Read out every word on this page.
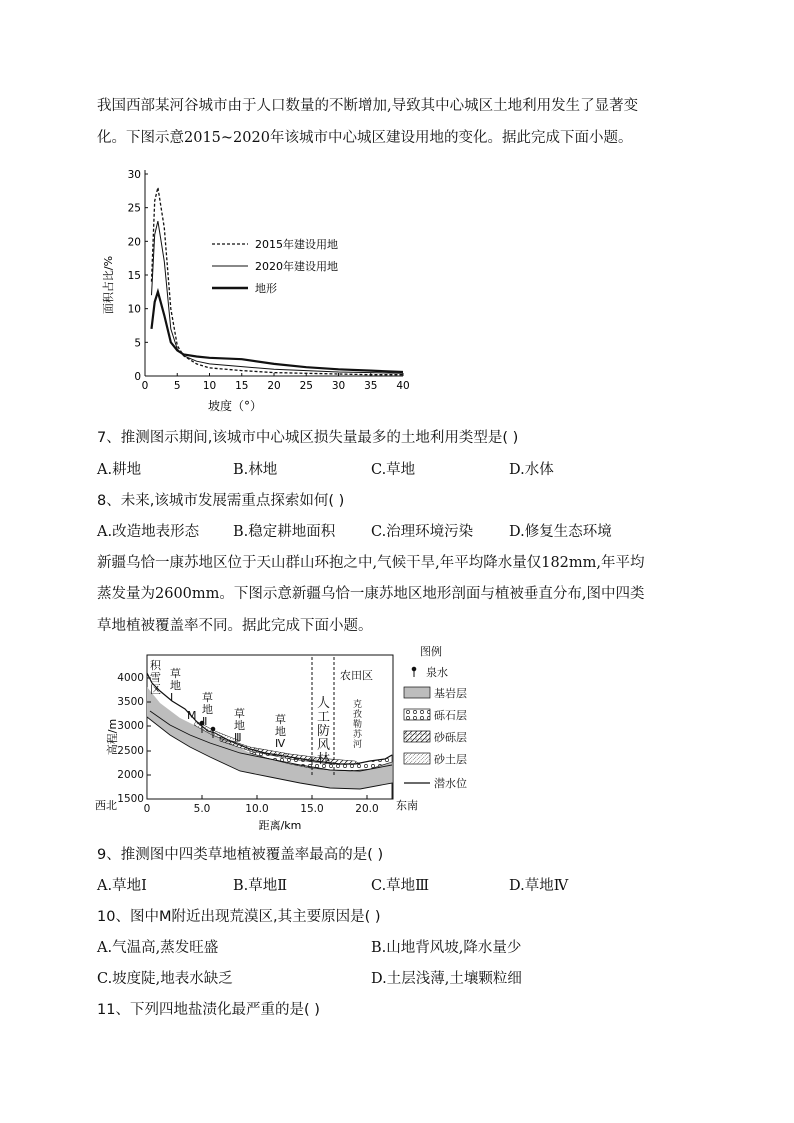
我国西部某河谷城市由于人口数量的不断增加,导致其中心城区土地利用发生了显著变
化。下图示意2015~2020年该城市中心城区建设用地的变化。据此完成下面小题。
0 5 10 15 20 25 30 35 40
0
5
10
15
20
25
30
面积占比/%
坡度（°）
2015年建设用地
2020年建设用地
地形
7、推测图示期间,该城市中心城区损失量最多的土地利用类型是( )
A.耕地	B.林地	C.草地	D.水体
8、未来,该城市发展需重点探索如何( )
A.改造地表形态 B.稳定耕地面积 C.治理环境污染 D.修复生态环境
新疆乌恰一康苏地区位于天山群山环抱之中,气候干旱,年平均降水量仅182mm,年平均
蒸发量为2600mm。下图示意新疆乌恰一康苏地区地形剖面与植被垂直分布,图中四类
草地植被覆盖率不同。据此完成下面小题。
积雪区
草地 Ⅰ	草地 Ⅱ
草地 Ⅲ
草地 Ⅳ
人工防风林
农田区
M
克孜勒苏河
4000
3500
3000
2500
2000
1500
0	5.0	10.0	15.0	20.0
高程/m
距离/km
西北	东南
图例
泉水
基岩层
砾石层
砂砾层
砂土层
潜水位
9、推测图中四类草地植被覆盖率最高的是( )
A.草地Ⅰ	B.草地Ⅱ	C.草地Ⅲ	D.草地Ⅳ
10、图中M附近出现荒漠区,其主要原因是( )
A.气温高,蒸发旺盛	B.山地背风坡,降水量少
C.坡度陡,地表水缺乏	D.土层浅薄,土壤颗粒细
11、下列四地盐渍化最严重的是( )
